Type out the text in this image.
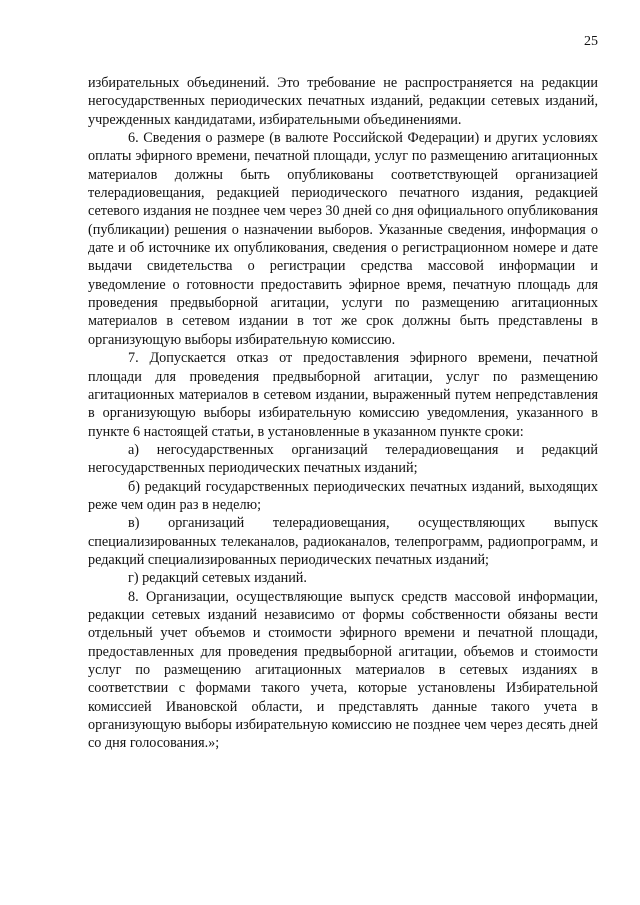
25

избирательных объединений. Это требование не распространяется на редакции негосударственных периодических печатных изданий, редакции сетевых изданий, учрежденных кандидатами, избирательными объединениями.

6. Сведения о размере (в валюте Российской Федерации) и других условиях оплаты эфирного времени, печатной площади, услуг по размещению агитационных материалов должны быть опубликованы соответствующей организацией телерадиовещания, редакцией периодического печатного издания, редакцией сетевого издания не позднее чем через 30 дней со дня официального опубликования (публикации) решения о назначении выборов. Указанные сведения, информация о дате и об источнике их опубликования, сведения о регистрационном номере и дате выдачи свидетельства о регистрации средства массовой информации и уведомление о готовности предоставить эфирное время, печатную площадь для проведения предвыборной агитации, услуги по размещению агитационных материалов в сетевом издании в тот же срок должны быть представлены в организующую выборы избирательную комиссию.

7. Допускается отказ от предоставления эфирного времени, печатной площади для проведения предвыборной агитации, услуг по размещению агитационных материалов в сетевом издании, выраженный путем непредставления в организующую выборы избирательную комиссию уведомления, указанного в пункте 6 настоящей статьи, в установленные в указанном пункте сроки:

а) негосударственных организаций телерадиовещания и редакций негосударственных периодических печатных изданий;

б) редакций государственных периодических печатных изданий, выходящих реже чем один раз в неделю;

в) организаций телерадиовещания, осуществляющих выпуск специализированных телеканалов, радиоканалов, телепрограмм, радиопрограмм, и редакций специализированных периодических печатных изданий;

г) редакций сетевых изданий.

8. Организации, осуществляющие выпуск средств массовой информации, редакции сетевых изданий независимо от формы собственности обязаны вести отдельный учет объемов и стоимости эфирного времени и печатной площади, предоставленных для проведения предвыборной агитации, объемов и стоимости услуг по размещению агитационных материалов в сетевых изданиях в соответствии с формами такого учета, которые установлены Избирательной комиссией Ивановской области, и представлять данные такого учета в организующую выборы избирательную комиссию не позднее чем через десять дней со дня голосования.»;
